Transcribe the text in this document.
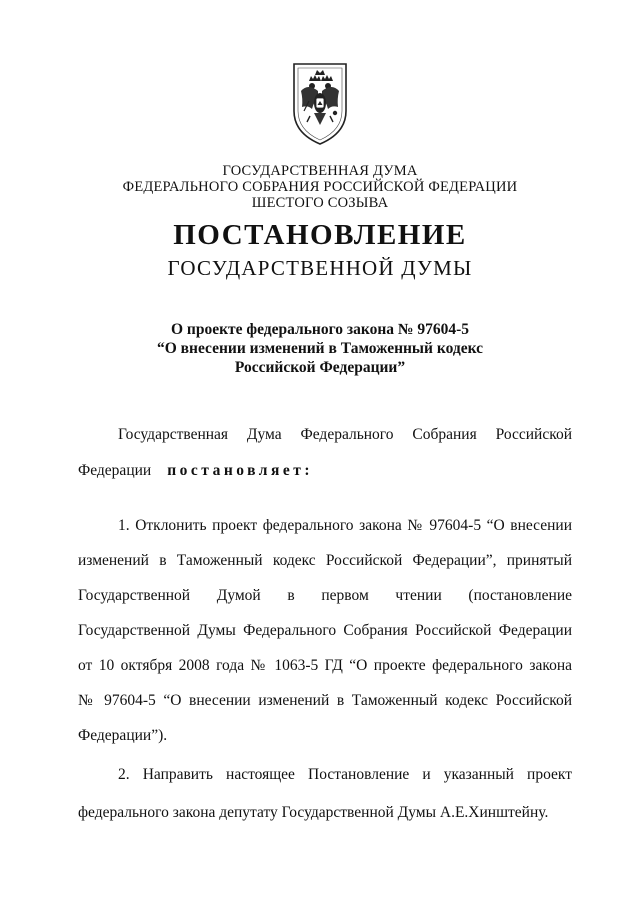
ГОСУДАРСТВЕННАЯ ДУМА
ФЕДЕРАЛЬНОГО СОБРАНИЯ РОССИЙСКОЙ ФЕДЕРАЦИИ
ШЕСТОГО СОЗЫВА
ПОСТАНОВЛЕНИЕ
ГОСУДАРСТВЕННОЙ ДУМЫ
О проекте федерального закона № 97604-5
“О внесении изменений в Таможенный кодекс
Российской Федерации”
Государственная Дума Федерального Собрания Российской
Федерации постановляет:
1. Отклонить проект федерального закона № 97604-5 “О внесении
изменений в Таможенный кодекс Российской Федерации”, принятый
Государственной Думой в первом чтении (постановление
Государственной Думы Федерального Собрания Российской Федерации
от 10 октября 2008 года № 1063-5 ГД “О проекте федерального закона
№ 97604-5 “О внесении изменений в Таможенный кодекс Российской
Федерации”).
2. Направить настоящее Постановление и указанный проект
федерального закона депутату Государственной Думы А.Е.Хинштейну.
